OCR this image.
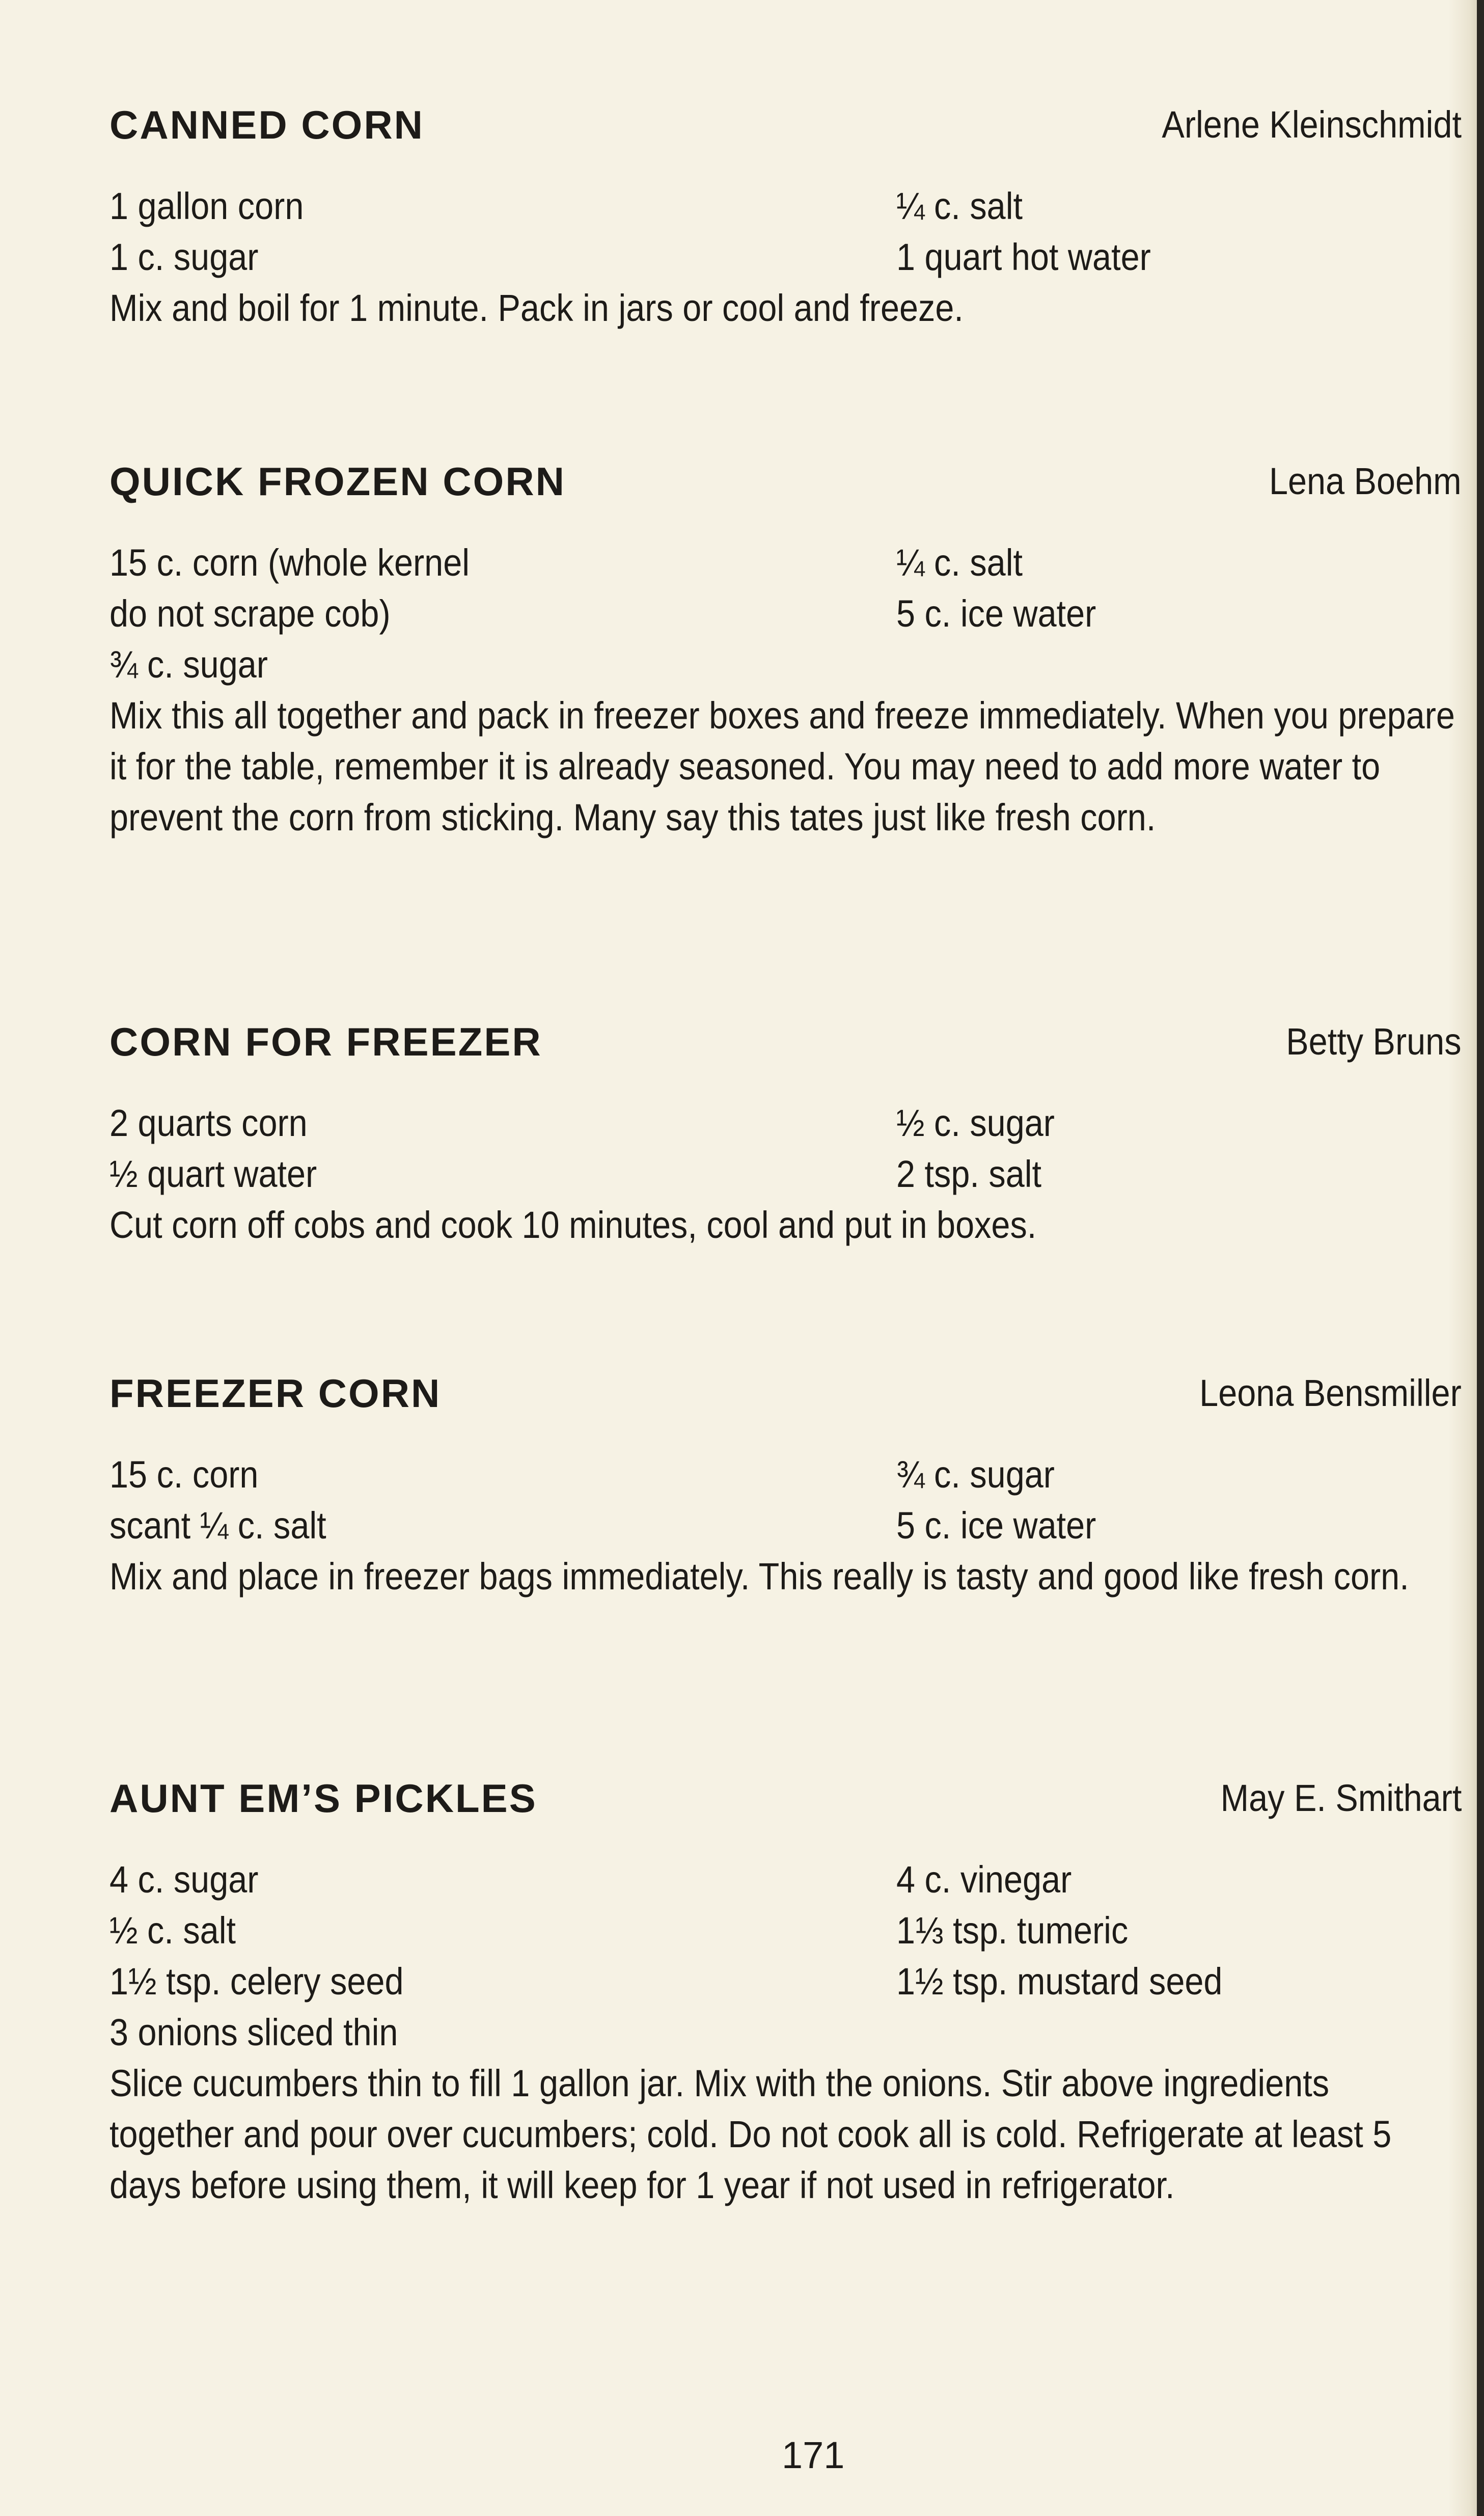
CANNED CORN	Arlene Kleinschmidt
1 gallon corn	¼ c. salt
1 c. sugar	1 quart hot water

Mix and boil for 1 minute. Pack in jars or cool and freeze.

QUICK FROZEN CORN	Lena Boehm
15 c. corn (whole kernel	¼ c. salt
do not scrape cob)	5 c. ice water
¾ c. sugar

Mix this all together and pack in freezer boxes and freeze immediately. When you prepare it for the table, remember it is already seasoned. You may need to add more water to prevent the corn from sticking. Many say this tates just like fresh corn.

CORN FOR FREEZER	Betty Bruns
2 quarts corn	½ c. sugar
½ quart water	2 tsp. salt

Cut corn off cobs and cook 10 minutes, cool and put in boxes.

FREEZER CORN	Leona Bensmiller
15 c. corn	¾ c. sugar
scant ¼ c. salt	5 c. ice water

Mix and place in freezer bags immediately. This really is tasty and good like fresh corn.

AUNT EM’S PICKLES	May E. Smithart
4 c. sugar	4 c. vinegar
½ c. salt	1⅓ tsp. tumeric
1½ tsp. celery seed	1½ tsp. mustard seed
3 onions sliced thin

Slice cucumbers thin to fill 1 gallon jar. Mix with the onions. Stir above ingredients together and pour over cucumbers; cold. Do not cook all is cold. Refrigerate at least 5 days before using them, it will keep for 1 year if not used in refrigerator.

171
